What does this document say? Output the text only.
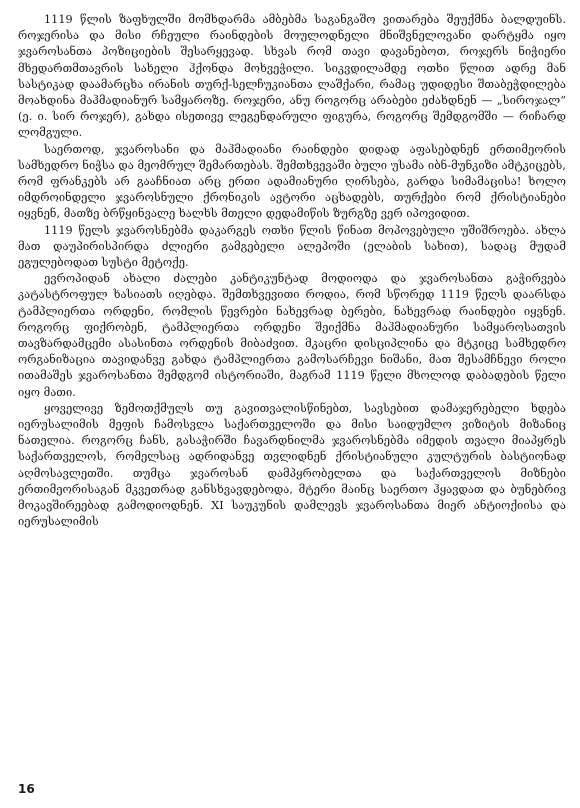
1119 წლის ზაფხულში მომხდარმა ამბებმა საგანგაშო ვითარება შეუქმნა ბალდუინს. როჯერისა და მისი რჩეული რაინდების მოულოდნელი მნიშვნელოვანი დარტყმა იყო ჯვაროსანთა პოზიციების შესარყევად. სხვას რომ თავი დავანებოთ, როჯერს ნიჭიერი მხედართმთავრის სახელი ჰქონდა მოხვეჭილი. სიკვდილამდე ოთხი წლით ადრე მან სასტიკად დაამარცხა ირანის თურქ-სელჩუკიანთა ლაშქარი, რამაც უდიდესი შთაბეჭდილება მოახდინა მაჰმადიანურ სამყაროზე. როჯერი, ანუ როგორც არაბები ეძახდნენ — „სიროჯალ“ (ე. ი. სირ როჯერ), გახდა ისეთივე ლეგენდარული ფიგურა, როგორც შემდგომში — რიჩარდ ლომგული.

საერთოდ, ჯვაროსანი და მაჰმადიანი რაინდები დიდად აფასებდნენ ერთიმეორის სამხედრო ნიჭსა და მეომრულ შემართებას. შემთხვევაში ბული უსამა იბნ-მუნკიზი ამტკიცებს, რომ ფრანკებს არ გააჩნიათ არც ერთი ადამიანური ღირსება, გარდა სიმამაცისა! ხოლო იმდროინდელი ჯვაროსნული ქრონიკის ავტორი აცხადებს, თურქები რომ ქრისტიანები იყვნენ, მათზე ბრწყინვალე ხალხს მთელი დედამიწის ზურგზე ვერ იპოვიდით.

1119 წელს ჯვაროსნებმა დაკარგეს ოთხი წლის წინათ მოპოვებული უშიშროება. ახლა მათ დაუპირისპირდა ძლიერი გამგებელი ალეპოში (ელაბის სახით), სადაც მუდამ ეგულებოდათ სუსტი მეტოქე.

ევროპიდან ახალი ძალები კანტიკუნტად მოდიოდა და ჯვაროსანთა გაჭირვება კატასტროფულ ხასიათს იღებდა. შემთხვევითი როდია, რომ სწორედ 1119 წელს დაარსდა ტამპლიერთა ორდენი, რომლის წევრები ნახევრად ბერები, ნახევრად რაინდები იყვნენ. როგორც ფიქრობენ, ტამპლიერთა ორდენი შეიქმნა მაჰმადიანური სამყაროსათვის თავზარდამცემი ასასინთა ორდენის მიბაძვით. მკაცრი დისციპლინა და მტკიცე სამხედრო ორგანიზაცია თავიდანვე გახდა ტამპლიერთა გამოსარჩევი ნიშანი, მათ შესამჩნევი როლი ითამაშეს ჯვაროსანთა შემდგომ ისტორიაში, მაგრამ 1119 წელი მხოლოდ დაბადების წელი იყო მათი.

ყოველივე ზემოთქმულს თუ გავითვალისწინებთ, სავსებით დამაჯერებელი ხდება იერუსალიმის მეფის ჩამოსვლა საქართველოში და მისი საიდუმლო ვიზიტის მიზანიც ნათელია. როგორც ჩანს, გასაჭირში ჩავარდნილმა ჯვაროსნებმა იმედის თვალი მიაპყრეს საქართველოს, რომელსაც ადრიდანვე თვლიდნენ ქრისტიანული კულტურის ბასტიონად აღმოსავლეთში. თუმცა ჯვაროსან დამპყრობელთა და საქართველოს მიზნები ერთიმეორისაგან მკვეთრად განსხვავდებოდა, მტერი მაინც საერთო ჰყავდათ და ბუნებრივ მოკავშირეებად გამოდიოდნენ. XI საუკუნის დამლევს ჯვაროსანთა მიერ ანტიოქიისა და იერუსალიმის

16
